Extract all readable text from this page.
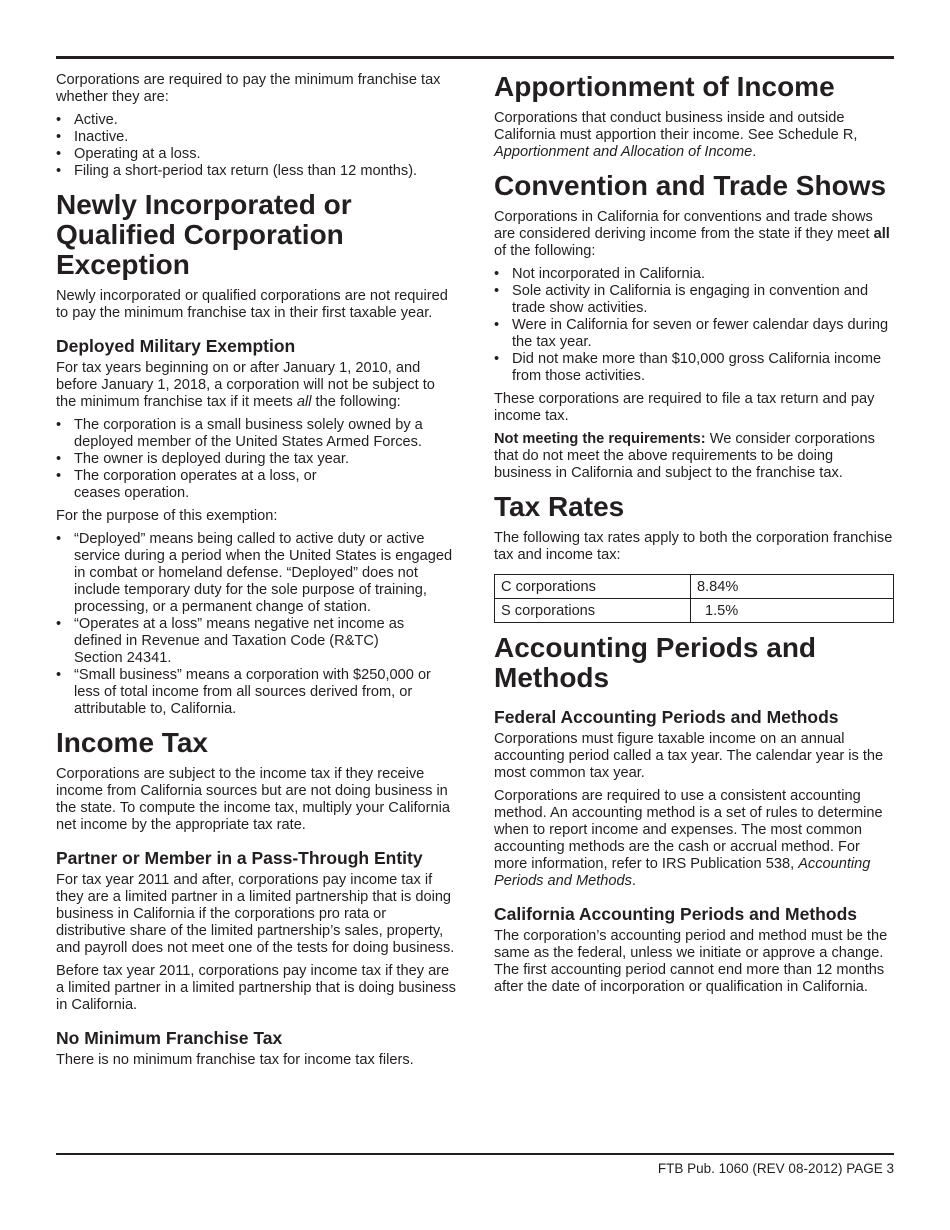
Corporations are required to pay the minimum franchise tax whether they are:

• Active.
• Inactive.
• Operating at a loss.
• Filing a short-period tax return (less than 12 months).
Newly Incorporated or Qualified Corporation Exception

Newly incorporated or qualified corporations are not required to pay the minimum franchise tax in their first taxable year.

Deployed Military Exemption

For tax years beginning on or after January 1, 2010, and before January 1, 2018, a corporation will not be subject to the minimum franchise tax if it meets all the following:

• The corporation is a small business solely owned by a deployed member of the United States Armed Forces.
• The owner is deployed during the tax year.
• The corporation operates at a loss, or ceases operation.

For the purpose of this exemption:

• “Deployed” means being called to active duty or active service during a period when the United States is engaged in combat or homeland defense. “Deployed” does not include temporary duty for the sole purpose of training, processing, or a permanent change of station.
• “Operates at a loss” means negative net income as defined in Revenue and Taxation Code (R&TC) Section 24341.
• “Small business” means a corporation with $250,000 or less of total income from all sources derived from, or attributable to, California.
Income Tax

Corporations are subject to the income tax if they receive income from California sources but are not doing business in the state. To compute the income tax, multiply your California net income by the appropriate tax rate.

Partner or Member in a Pass-Through Entity

For tax year 2011 and after, corporations pay income tax if they are a limited partner in a limited partnership that is doing business in California if the corporations pro rata or distributive share of the limited partnership’s sales, property, and payroll does not meet one of the tests for doing business.

Before tax year 2011, corporations pay income tax if they are a limited partner in a limited partnership that is doing business in California.

No Minimum Franchise Tax

There is no minimum franchise tax for income tax filers.

Apportionment of Income

Corporations that conduct business inside and outside California must apportion their income. See Schedule R, Apportionment and Allocation of Income.

Convention and Trade Shows

Corporations in California for conventions and trade shows are considered deriving income from the state if they meet all of the following:

• Not incorporated in California.
• Sole activity in California is engaging in convention and trade show activities.
• Were in California for seven or fewer calendar days during the tax year.
• Did not make more than $10,000 gross California income from those activities.

These corporations are required to file a tax return and pay income tax.

Not meeting the requirements: We consider corporations that do not meet the above requirements to be doing business in California and subject to the franchise tax.

Tax Rates

The following tax rates apply to both the corporation franchise tax and income tax:

C corporations	8.84%
S corporations	1.5%
Accounting Periods and Methods
Federal Accounting Periods and Methods

Corporations must figure taxable income on an annual accounting period called a tax year. The calendar year is the most common tax year.

Corporations are required to use a consistent accounting method. An accounting method is a set of rules to determine when to report income and expenses. The most common accounting methods are the cash or accrual method. For more information, refer to IRS Publication 538, Accounting Periods and Methods.

California Accounting Periods and Methods

The corporation’s accounting period and method must be the same as the federal, unless we initiate or approve a change. The first accounting period cannot end more than 12 months after the date of incorporation or qualification in California.

FTB Pub. 1060 (REV 08-2012) PAGE 3
